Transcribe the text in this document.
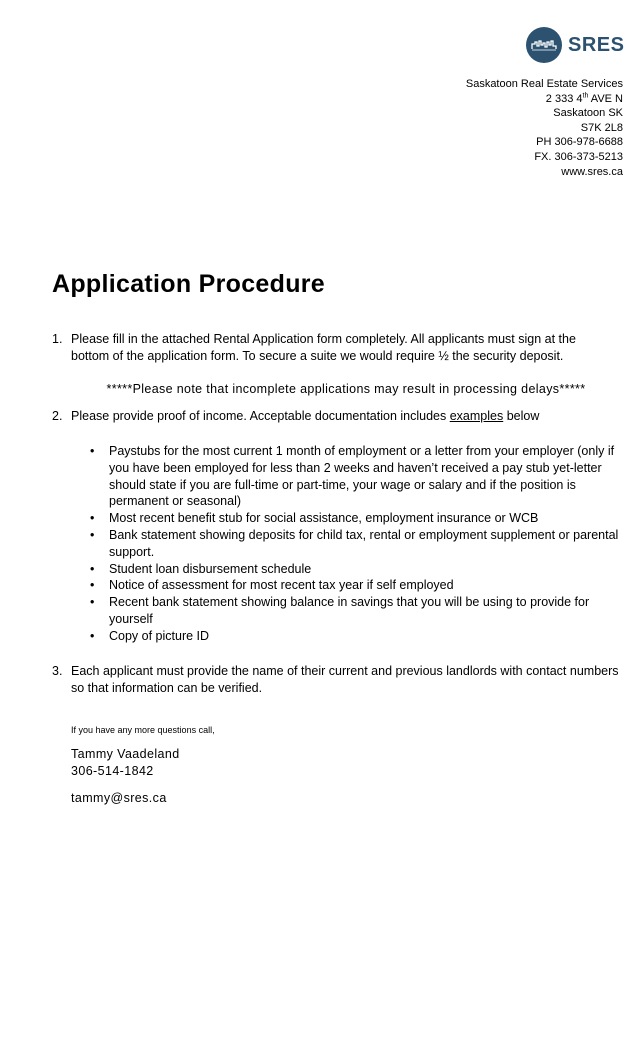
SRES
Saskatoon Real Estate Services
2 333 4th AVE N
Saskatoon SK
S7K 2L8
PH 306-978-6688
FX. 306-373-5213
www.sres.ca
Application Procedure
1. Please fill in the attached Rental Application form completely. All applicants must sign at the
bottom of the application form. To secure a suite we would require ½ the security deposit.
*****Please note that incomplete applications may result in processing delays*****
2. Please provide proof of income. Acceptable documentation includes examples below
• Paystubs for the most current 1 month of employment or a letter from your employer (only if you have been employed for less than 2 weeks and haven’t received a pay stub yet-letter should state if you are full-time or part-time, your wage or salary and if the position is permanent or seasonal)
• Most recent benefit stub for social assistance, employment insurance or WCB
• Bank statement showing deposits for child tax, rental or employment supplement or parental support.
• Student loan disbursement schedule
• Notice of assessment for most recent tax year if self employed
• Recent bank statement showing balance in savings that you will be using to provide for yourself
• Copy of picture ID
3. Each applicant must provide the name of their current and previous landlords with contact numbers
so that information can be verified.
If you have any more questions call,
Tammy Vaadeland
306-514-1842
tammy@sres.ca
